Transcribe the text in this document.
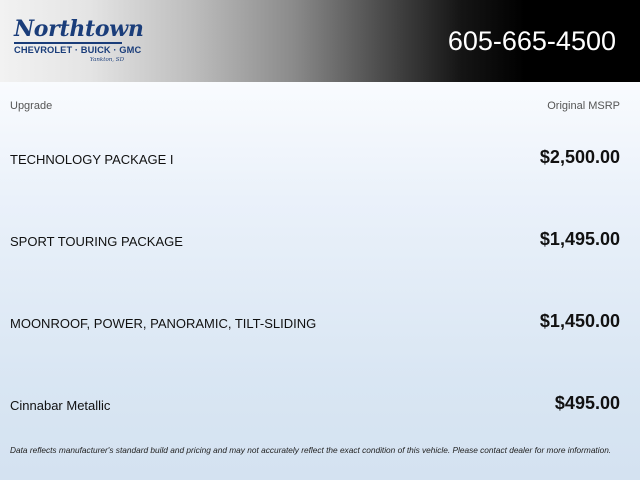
Northtown
CHEVROLET · BUICK · GMC
Yankton, SD
605-665-4500
Upgrade	Original MSRP
TECHNOLOGY PACKAGE I	$2,500.00
SPORT TOURING PACKAGE	$1,495.00
MOONROOF, POWER, PANORAMIC, TILT-SLIDING	$1,450.00
Cinnabar Metallic	$495.00
Data reflects manufacturer's standard build and pricing and may not accurately reflect the exact condition of this vehicle. Please contact dealer for more information.
